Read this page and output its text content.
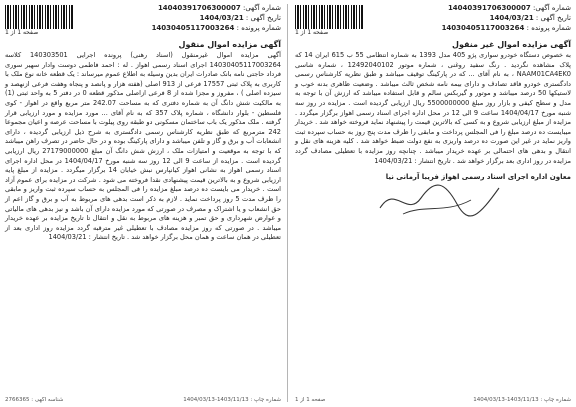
شماره آگهی: 14040391706300007
تاریخ آگهی : 1404/03/21
شماره پرونده : 14030405117003264
صفحه 1 از 1
آگهی مزایده اموال غیر منقول

به خصوص دستگاه خودرو سواری پژو 405 مدل 1393 به شماره انتظامی 55 ب 615 ایران 14 که پلاک مشاهده نگردید . رنگ سفید روغنی ، شماره موتور 12492040102 ، شماره شاسی NAAM01CA4EK0 ، به نام آقای ... که در پارکینگ توقیف میباشد و طبق نظریه کارشناس رسمی دادگستری خودرو فاقد تصادف و دارای بیمه نامه شخص ثالث میباشد . وضعیت ظاهری بدنه خوب و لاستیکها 50 درصد میباشد و موتور و گیربکس سالم و قابل استفاده میباشد که ارزش آن با توجه به مدل و سطح کیفی و بازار روز مبلغ 5500000000 ریال ارزیابی گردیده است . مزایده در روز سه شنبه مورخ 1404/04/17 ساعت 9 الی 12 در محل اداره اجرای اسناد رسمی اهواز برگزار میگردد . مزایده از مبلغ ارزیابی شروع و به کسی که بالاترین قیمت را پیشنهاد نماید فروخته خواهد شد . خریدار میبایست ده درصد مبلغ را فی المجلس پرداخت و مابقی را ظرف مدت پنج روز به حساب سپرده ثبت واریز نماید در غیر این صورت ده درصد واریزی به نفع دولت ضبط خواهد شد . کلیه هزینه های نقل و انتقال و بدهی های احتمالی بر عهده خریدار میباشد . چنانچه روز مزایده با تعطیلی مصادف گردد مزایده در روز اداری بعد برگزار خواهد شد . تاریخ انتشار : 1404/03/21

معاون اداره اجرای اسناد رسمی اهواز فریبا آرمانی نیا
شماره چاپ : 1403/11/13-1404/03/13
صفحه 1 از 1
شماره آگهی: 14040391706300007
تاریخ آگهی : 1404/03/21
شماره پرونده : 14030405117003264
صفحه 1 از 1
آگهی مزایده اموال منقول

آگهی مزایده اموال غیرمنقول (اسناد رهنی) پرونده اجرایی 140303501 کلاسه 14030405117003264 اجرای اسناد رسمی اهواز . له : احمد فاطمی دوست وادار سهیر سوری فرداد حاجتی نامه بانک صادرات ایران بدین وسیله به اطلاع عموم میرساند : یک قطعه خانه نوع ملک با کاربری به پلاک ثبتی 17557 فرعی از 913 اصلی (هفته هزار و پانصد و پنجاه وهفت فرعی ازنهصد و سیزده اصلی ) ، مفروز و مجزا شده از 8 فرعی ازاصلی مذکور قطعه 0 در دفتر 5 به واحد ثبتی (1) به مالکیت شش دانگ آن به شماره دفتری که به مساحت 242.07 متر مربع واقع در اهواز - کوی فلسطین - بلوار دانشگاه ، شماره پلاک 357 که به نام آقای ... مورد مزایده و مورد ارزیابی قرار گرفته . ملک مذکور یک باب ساختمان مسکونی دو طبقه روی پیلوت با مساحت عرصه و اعیان مجموعا 242 مترمربع که طبق نظریه کارشناس رسمی دادگستری به شرح ذیل ارزیابی گردیده ، دارای انشعابات آب و برق و گاز و تلفن میباشد و دارای پارکینگ بوده و در حال حاضر در تصرف راهن میباشد که با توجه به موقعیت و امتیازات ملک ، ارزش شش دانگ آن مبلغ 27179000000 ریال ارزیابی گردیده است . مزایده از ساعت 9 الی 12 روز سه شنبه مورخ 1404/04/17 در محل اداره اجرای اسناد رسمی اهواز به نشانی اهواز کیانپارس نبش خیابان 14 برگزار میگردد . مزایده از مبلغ پایه ارزیابی شروع و به بالاترین قیمت پیشنهادی نقدا فروخته می شود . شرکت در مزایده برای عموم آزاد است . خریدار می بایست ده درصد مبلغ مزایده را فی المجلس به حساب سپرده ثبت واریز و مابقی را ظرف مدت 5 روز پرداخت نماید . لازم به ذکر است بدهی های مربوط به آب و برق و گاز اعم از حق انشعاب و یا اشتراک و مصرف در صورتی که مورد مزایده دارای آن باشد و نیز بدهی های مالیاتی و عوارض شهرداری و حق تمبر و هزینه های مربوط به نقل و انتقال تا تاریخ مزایده بر عهده خریدار میباشد . در صورتی که روز مزایده مصادف با تعطیلی غیر مترقبه گردد مزایده روز اداری بعد از تعطیلی در همان ساعت و همان محل برگزار خواهد شد . تاریخ انتشار : 1404/03/21

شماره چاپ : 1403/11/13-1404/03/13
شناسه آگهی : 2766365
